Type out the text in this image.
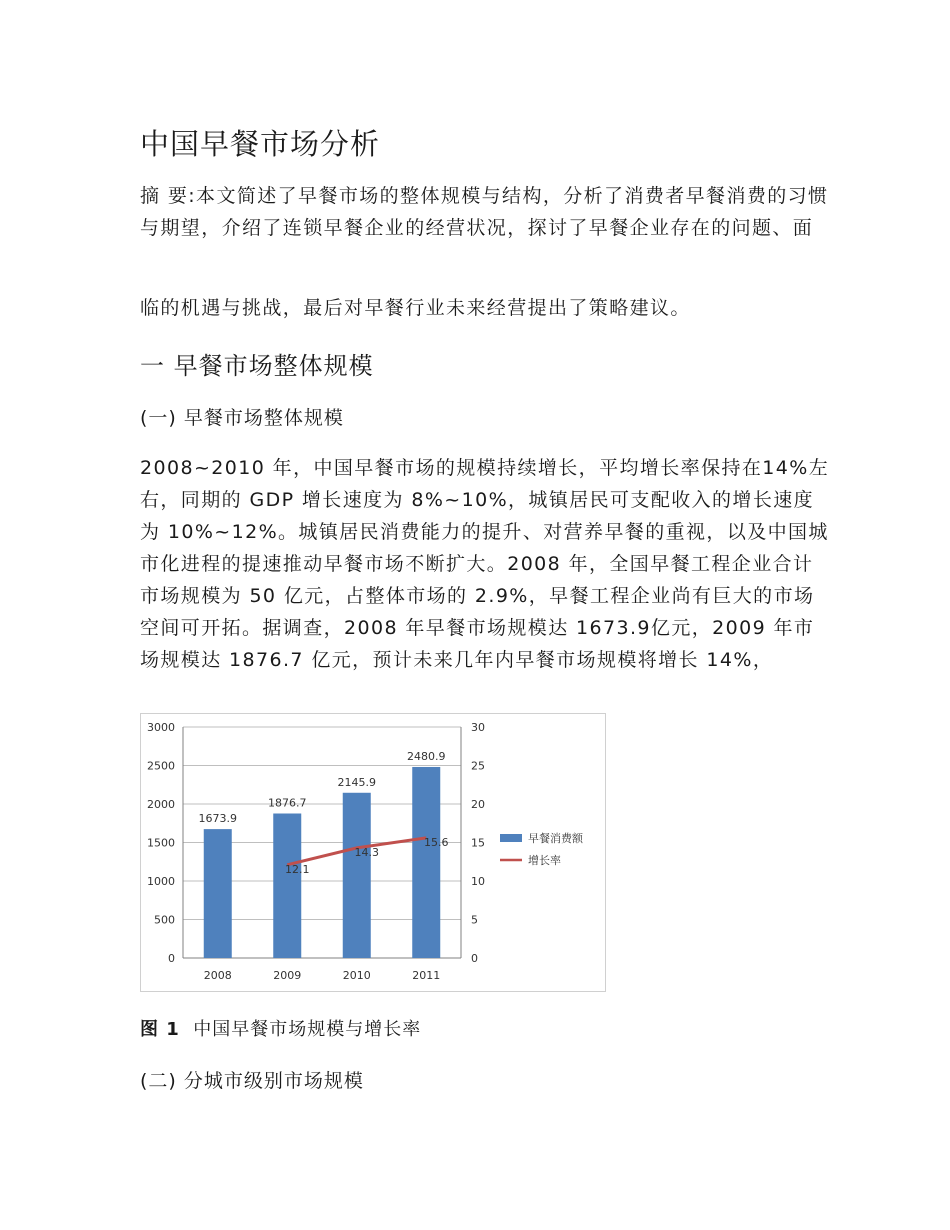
中国早餐市场分析

摘 要:本文简述了早餐市场的整体规模与结构，分析了消费者早餐消费的习惯与期望，介绍了连锁早餐企业的经营状况，探讨了早餐企业存在的问题、面

临的机遇与挑战，最后对早餐行业未来经营提出了策略建议。

一 早餐市场整体规模
(一) 早餐市场整体规模

2008~2010 年，中国早餐市场的规模持续增长，平均增长率保持在14%左右，同期的 GDP 增长速度为 8%~10%，城镇居民可支配收入的增长速度为 10%~12%。城镇居民消费能力的提升、对营养早餐的重视，以及中国城市化进程的提速推动早餐市场不断扩大。2008 年，全国早餐工程企业合计市场规模为 50 亿元，占整体市场的 2.9%，早餐工程企业尚有巨大的市场空间可开拓。据调查，2008 年早餐市场规模达 1673.9亿元，2009 年市场规模达 1876.7 亿元，预计未来几年内早餐市场规模将增长 14%，

0
500
1000
1500
2000
2500
3000
0
5
10
15
20
25
30
2008	2009	2010	2011
1673.9
1876.7
2145.9
2480.9
12.1
14.3
15.6	早餐消费额
增长率

图 1 中国早餐市场规模与增长率

(二) 分城市级别市场规模
